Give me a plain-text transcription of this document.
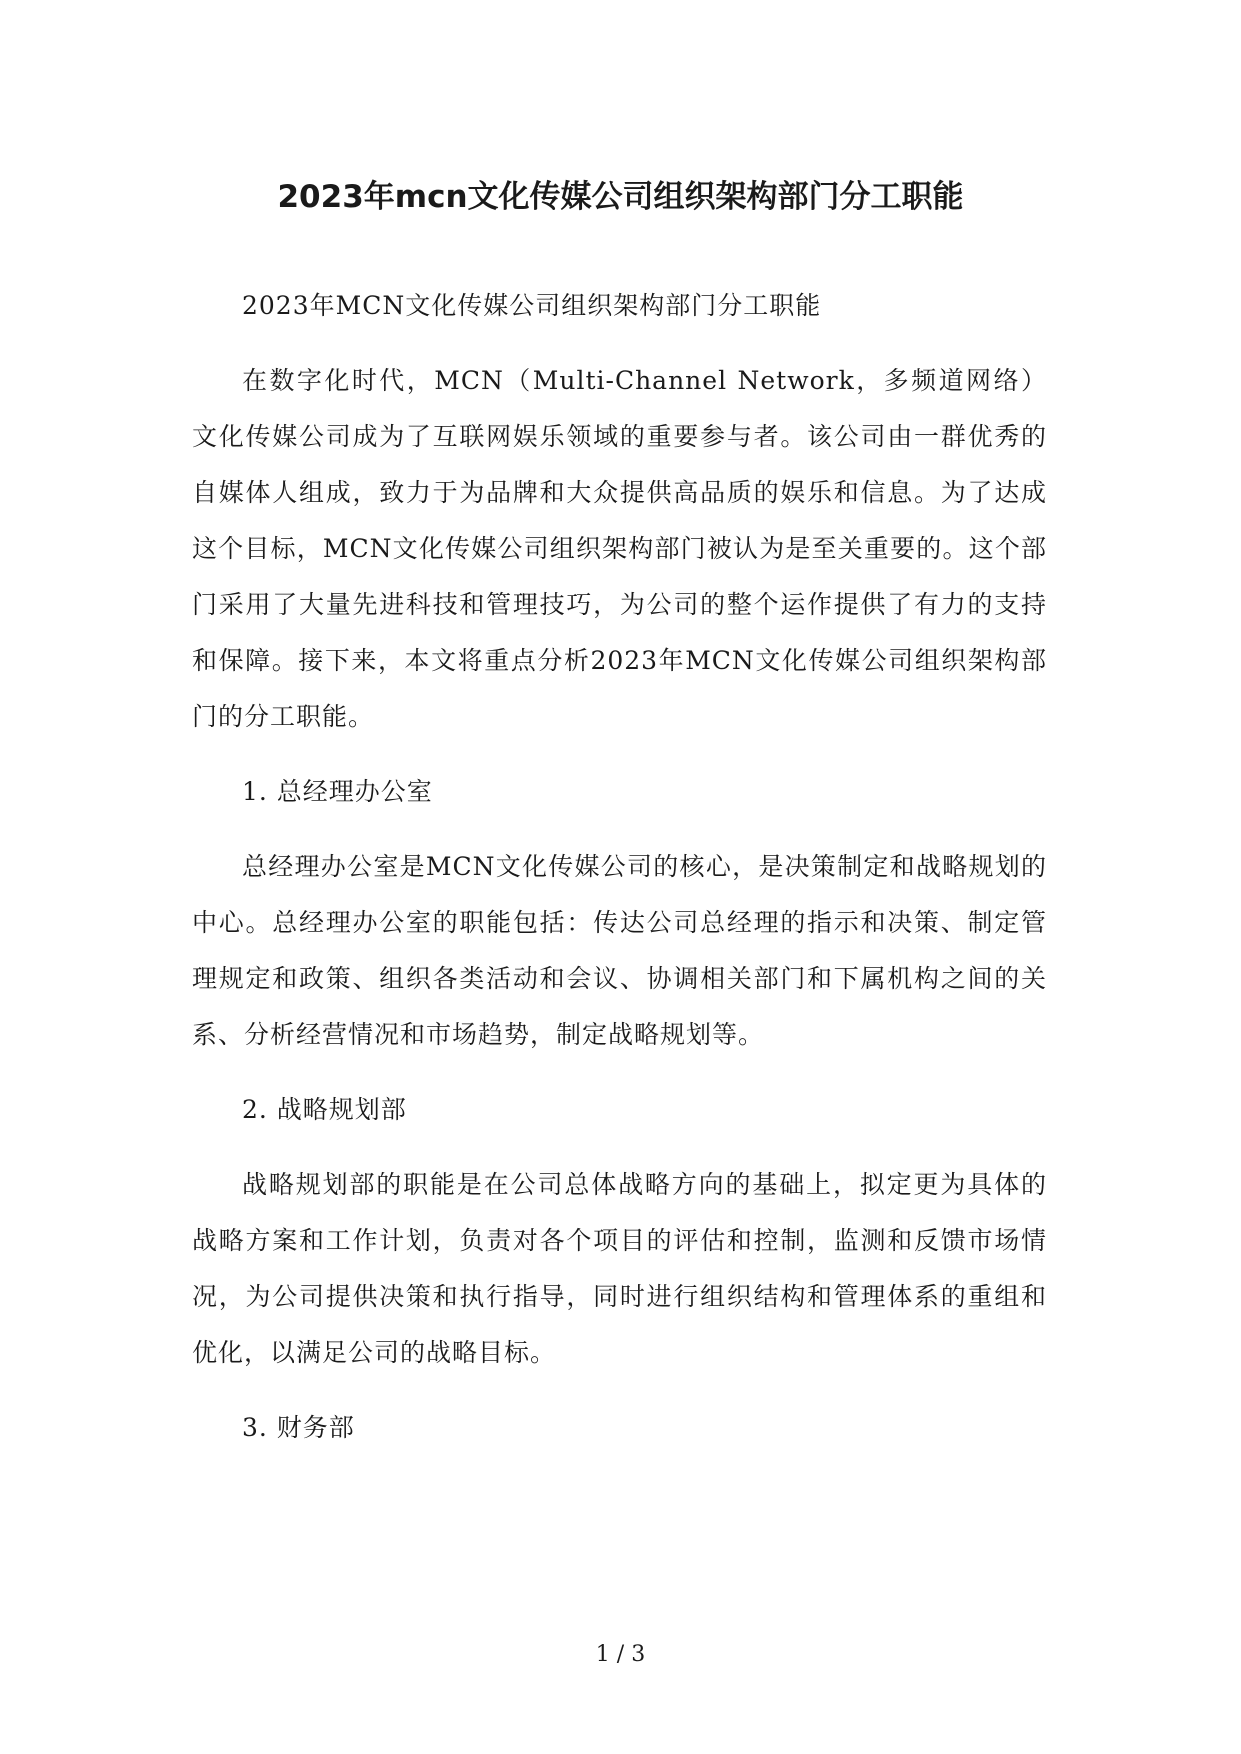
2023年mcn文化传媒公司组织架构部门分工职能

2023年MCN文化传媒公司组织架构部门分工职能

在数字化时代，MCN（Multi-Channel Network，多频道网络）文化传媒公司成为了互联网娱乐领域的重要参与者。该公司由一群优秀的自媒体人组成，致力于为品牌和大众提供高品质的娱乐和信息。为了达成这个目标，MCN文化传媒公司组织架构部门被认为是至关重要的。这个部门采用了大量先进科技和管理技巧，为公司的整个运作提供了有力的支持和保障。接下来，本文将重点分析2023年MCN文化传媒公司组织架构部门的分工职能。

1. 总经理办公室

总经理办公室是MCN文化传媒公司的核心，是决策制定和战略规划的中心。总经理办公室的职能包括：传达公司总经理的指示和决策、制定管理规定和政策、组织各类活动和会议、协调相关部门和下属机构之间的关系、分析经营情况和市场趋势，制定战略规划等。

2. 战略规划部

战略规划部的职能是在公司总体战略方向的基础上，拟定更为具体的战略方案和工作计划，负责对各个项目的评估和控制，监测和反馈市场情况，为公司提供决策和执行指导，同时进行组织结构和管理体系的重组和优化，以满足公司的战略目标。

3. 财务部

1 / 3
